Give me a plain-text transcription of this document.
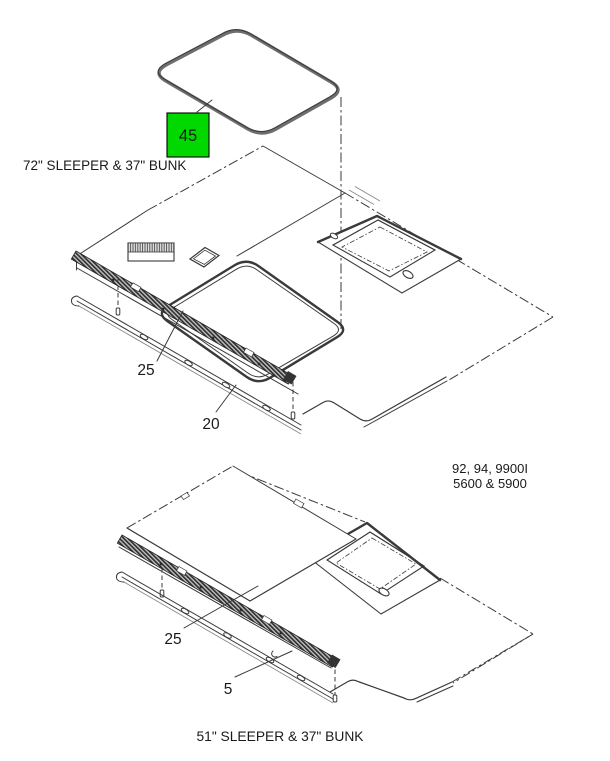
45
25
20
72" SLEEPER & 37" BUNK
92, 94, 9900I
5600 & 5900
25
5
51" SLEEPER & 37" BUNK
